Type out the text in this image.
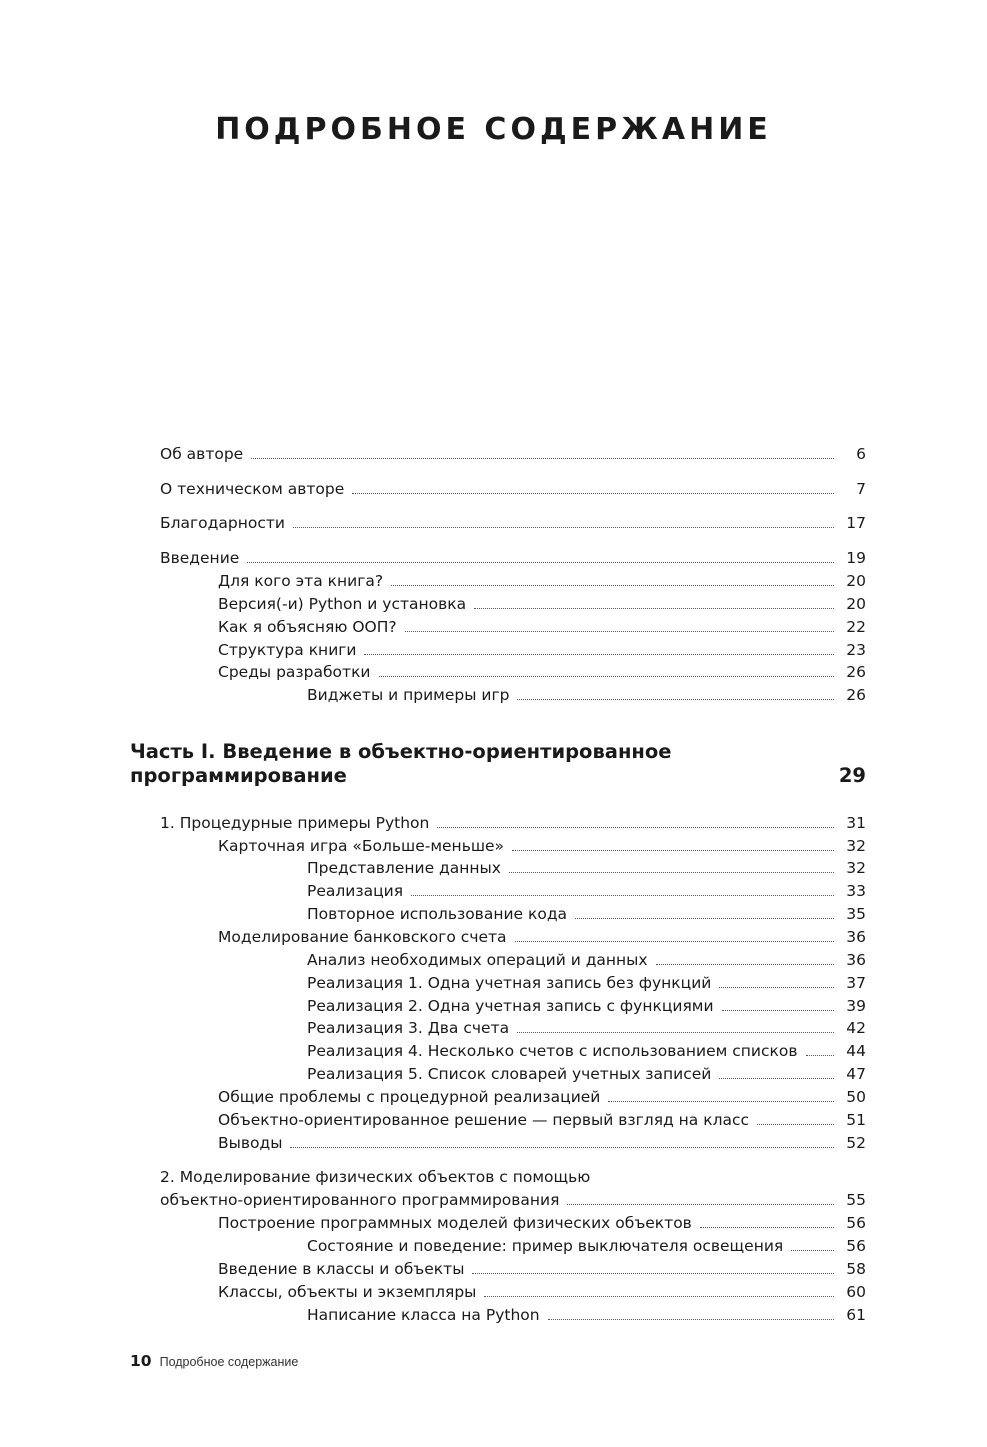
ПОДРОБНОЕ СОДЕРЖАНИЕ
Об авторе	6
О техническом авторе	7
Благодарности	17
Введение	19
Для кого эта книга?	20
Версия(-и) Python и установка	20
Как я объясняю ООП?	22
Структура книги	23
Среды разработки	26
Виджеты и примеры игр	26
Часть I. Введение в объектно-ориентированное
программирование	29
1. Процедурные примеры Python	31
Карточная игра «Больше-меньше»	32
Представление данных	32
Реализация	33
Повторное использование кода	35
Моделирование банковского счета	36
Анализ необходимых операций и данных	36
Реализация 1. Одна учетная запись без функций	37
Реализация 2. Одна учетная запись с функциями	39
Реализация 3. Два счета	42
Реализация 4. Несколько счетов с использованием списков	44
Реализация 5. Список словарей учетных записей	47
Общие проблемы с процедурной реализацией	50
Объектно-ориентированное решение — первый взгляд на класс	51
Выводы	52
2. Моделирование физических объектов с помощью
объектно-ориентированного программирования	55
Построение программных моделей физических объектов	56
Состояние и поведение: пример выключателя освещения	56
Введение в классы и объекты	58
Классы, объекты и экземпляры	60
Написание класса на Python	61
10 Подробное содержание
